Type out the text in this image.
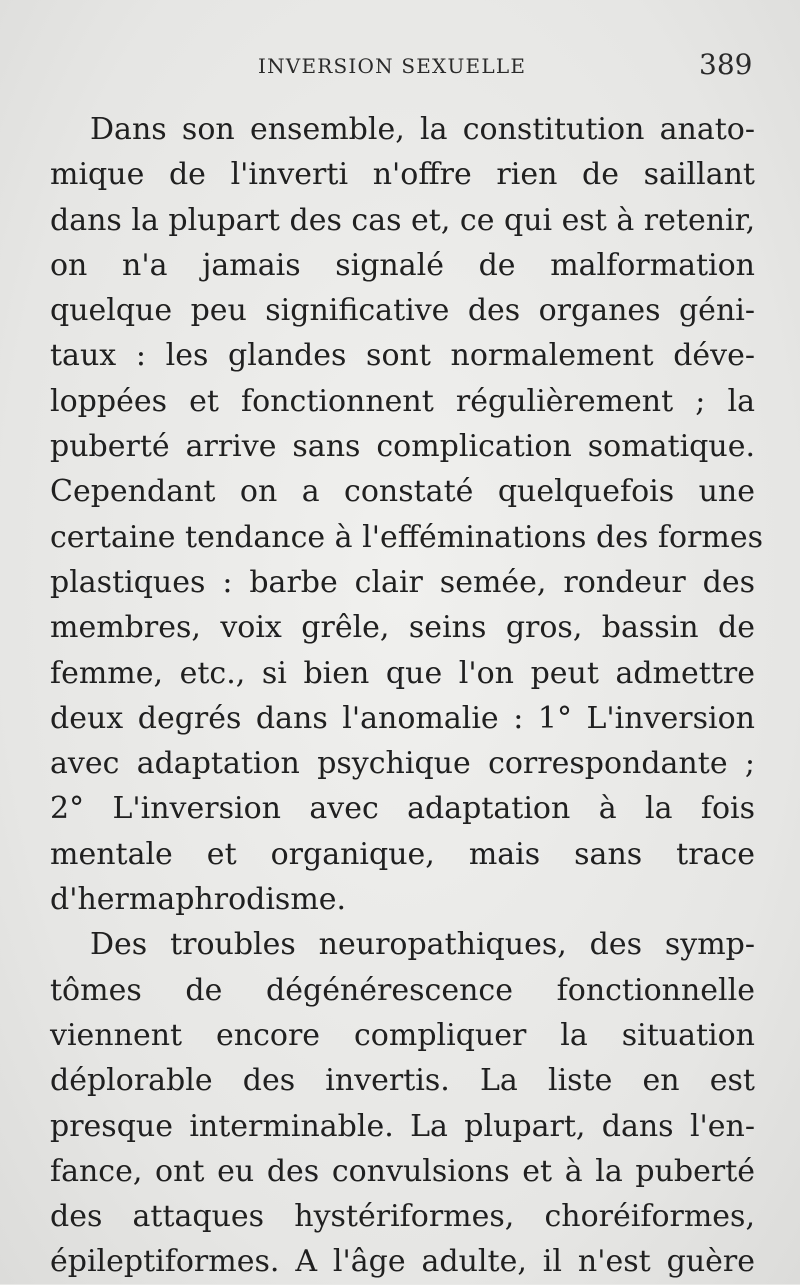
INVERSION SEXUELLE	389
Dans son ensemble, la constitution anato-
mique de l'inverti n'offre rien de saillant
dans la plupart des cas et, ce qui est à retenir,
on n'a jamais signalé de malformation
quelque peu significative des organes géni-
taux : les glandes sont normalement déve-
loppées et fonctionnent régulièrement ; la
puberté arrive sans complication somatique.
Cependant on a constaté quelquefois une
certaine tendance à l'efféminations des formes
plastiques : barbe clair semée, rondeur des
membres, voix grêle, seins gros, bassin de
femme, etc., si bien que l'on peut admettre
deux degrés dans l'anomalie : 1° L'inversion
avec adaptation psychique correspondante ;
2° L'inversion avec adaptation à la fois
mentale et organique, mais sans trace
d'hermaphrodisme.
Des troubles neuropathiques, des symp-
tômes de dégénérescence fonctionnelle
viennent encore compliquer la situation
déplorable des invertis. La liste en est
presque interminable. La plupart, dans l'en-
fance, ont eu des convulsions et à la puberté
des attaques hystériformes, choréiformes,
épileptiformes. A l'âge adulte, il n'est guère
